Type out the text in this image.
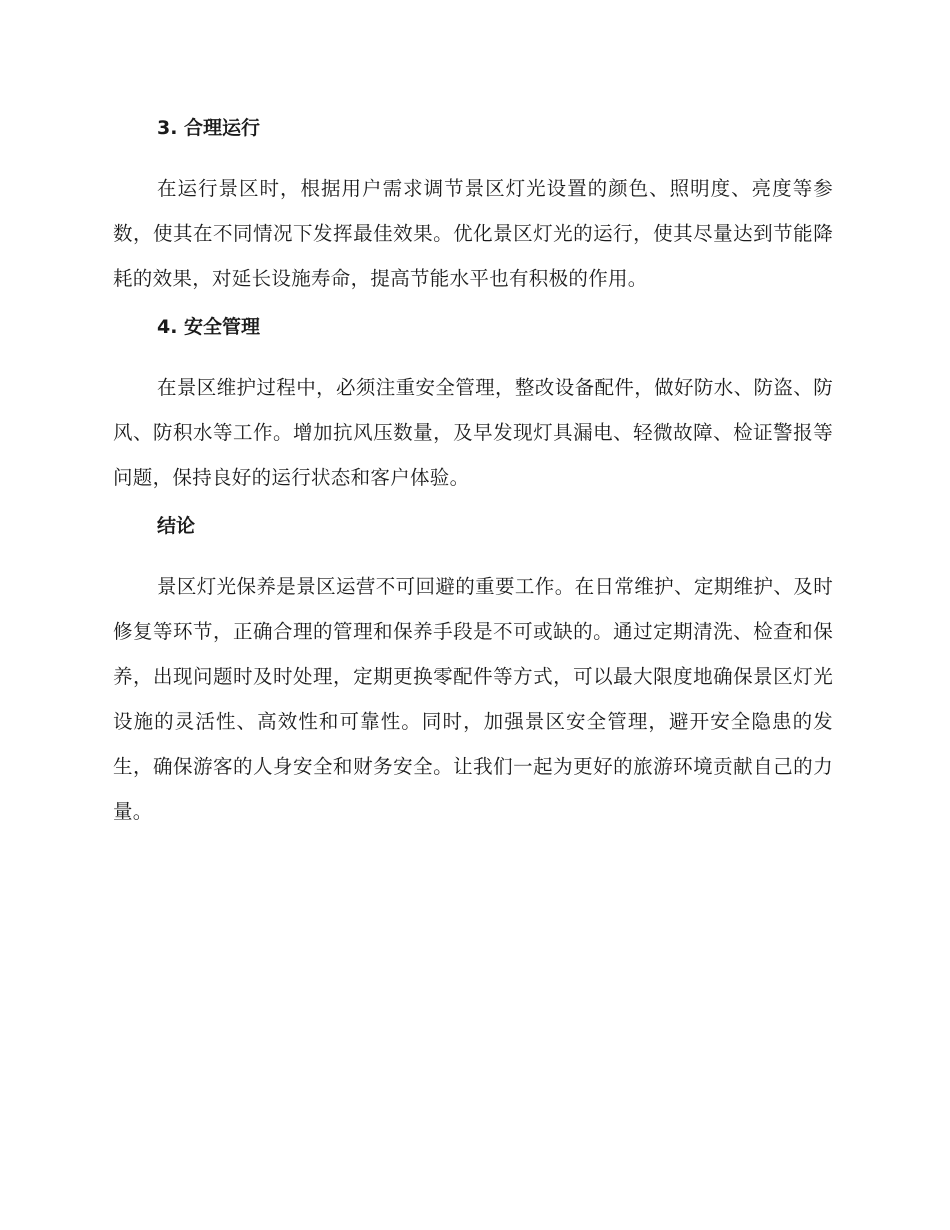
3. 合理运行

在运行景区时，根据用户需求调节景区灯光设置的颜色、照明度、亮度等参数，使其在不同情况下发挥最佳效果。优化景区灯光的运行，使其尽量达到节能降耗的效果，对延长设施寿命，提高节能水平也有积极的作用。

4. 安全管理

在景区维护过程中，必须注重安全管理，整改设备配件，做好防水、防盗、防风、防积水等工作。增加抗风压数量，及早发现灯具漏电、轻微故障、检证警报等问题，保持良好的运行状态和客户体验。

结论

景区灯光保养是景区运营不可回避的重要工作。在日常维护、定期维护、及时修复等环节，正确合理的管理和保养手段是不可或缺的。通过定期清洗、检查和保养，出现问题时及时处理，定期更换零配件等方式，可以最大限度地确保景区灯光设施的灵活性、高效性和可靠性。同时，加强景区安全管理，避开安全隐患的发生，确保游客的人身安全和财务安全。让我们一起为更好的旅游环境贡献自己的力量。
